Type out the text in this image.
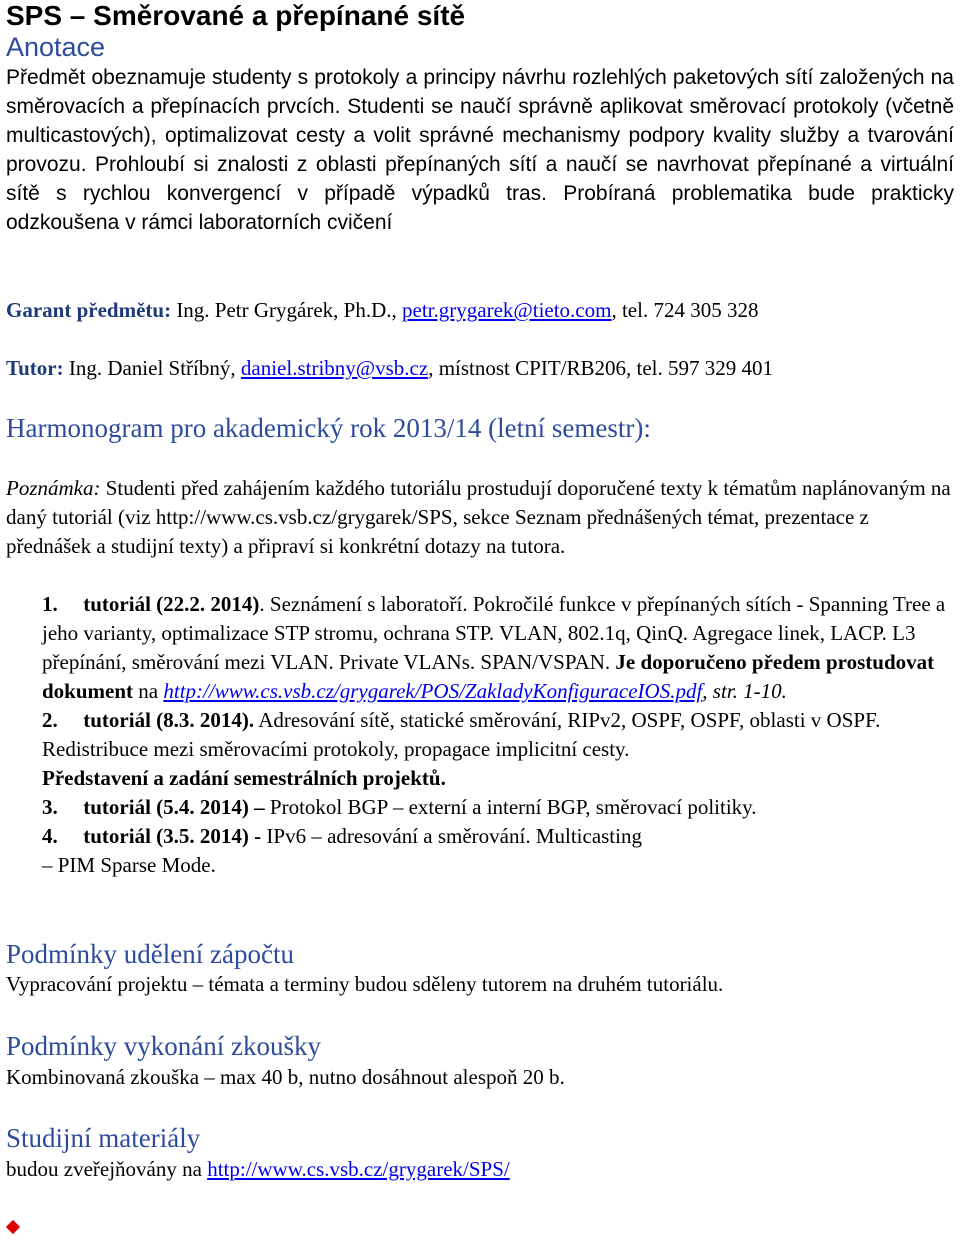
SPS – Směrované a přepínané sítě
Anotace

Předmět obeznamuje studenty s protokoly a principy návrhu rozlehlých paketových sítí založených na směrovacích a přepínacích prvcích. Studenti se naučí správně aplikovat směrovací protokoly (včetně multicastových), optimalizovat cesty a volit správné mechanismy podpory kvality služby a tvarování provozu. Prohloubí si znalosti z oblasti přepínaných sítí a naučí se navrhovat přepínané a virtuální sítě s rychlou konvergencí v případě výpadků tras. Probíraná problematika bude prakticky odzkoušena v rámci laboratorních cvičení

Garant předmětu: Ing. Petr Grygárek, Ph.D., petr.grygarek@tieto.com, tel. 724 305 328
Tutor: Ing. Daniel Stříbný, daniel.stribny@vsb.cz, místnost CPIT/RB206, tel. 597 329 401
Harmonogram pro akademický rok 2013/14 (letní semestr):

Poznámka: Studenti před zahájením každého tutoriálu prostudují doporučené texty k tématům naplánovaným na daný tutoriál (viz http://www.cs.vsb.cz/grygarek/SPS, sekce Seznam přednášených témat, prezentace z přednášek a studijní texty) a připraví si konkrétní dotazy na tutora.

1. tutoriál (22.2. 2014). Seznámení s laboratoří. Pokročilé funkce v přepínaných sítích - Spanning Tree a jeho varianty, optimalizace STP stromu, ochrana STP. VLAN, 802.1q, QinQ. Agregace linek, LACP. L3 přepínání, směrování mezi VLAN. Private VLANs. SPAN/VSPAN. Je doporučeno předem prostudovat dokument na http://www.cs.vsb.cz/grygarek/POS/ZakladyKonfiguraceIOS.pdf, str. 1-10.
2. tutoriál (8.3. 2014). Adresování sítě, statické směrování, RIPv2, OSPF, OSPF, oblasti v OSPF. Redistribuce mezi směrovacími protokoly, propagace implicitní cesty.
Představení a zadání semestrálních projektů.
3. tutoriál (5.4. 2014) – Protokol BGP – externí a interní BGP, směrovací politiky.
4. tutoriál (3.5. 2014) - IPv6 – adresování a směrování. Multicasting – PIM Sparse Mode.
Podmínky udělení zápočtu
Vypracování projektu – témata a terminy budou sděleny tutorem na druhém tutoriálu.
Podmínky vykonání zkoušky
Kombinovaná zkouška – max 40 b, nutno dosáhnout alespoň 20 b.
Studijní materiály
budou zveřejňovány na http://www.cs.vsb.cz/grygarek/SPS/
